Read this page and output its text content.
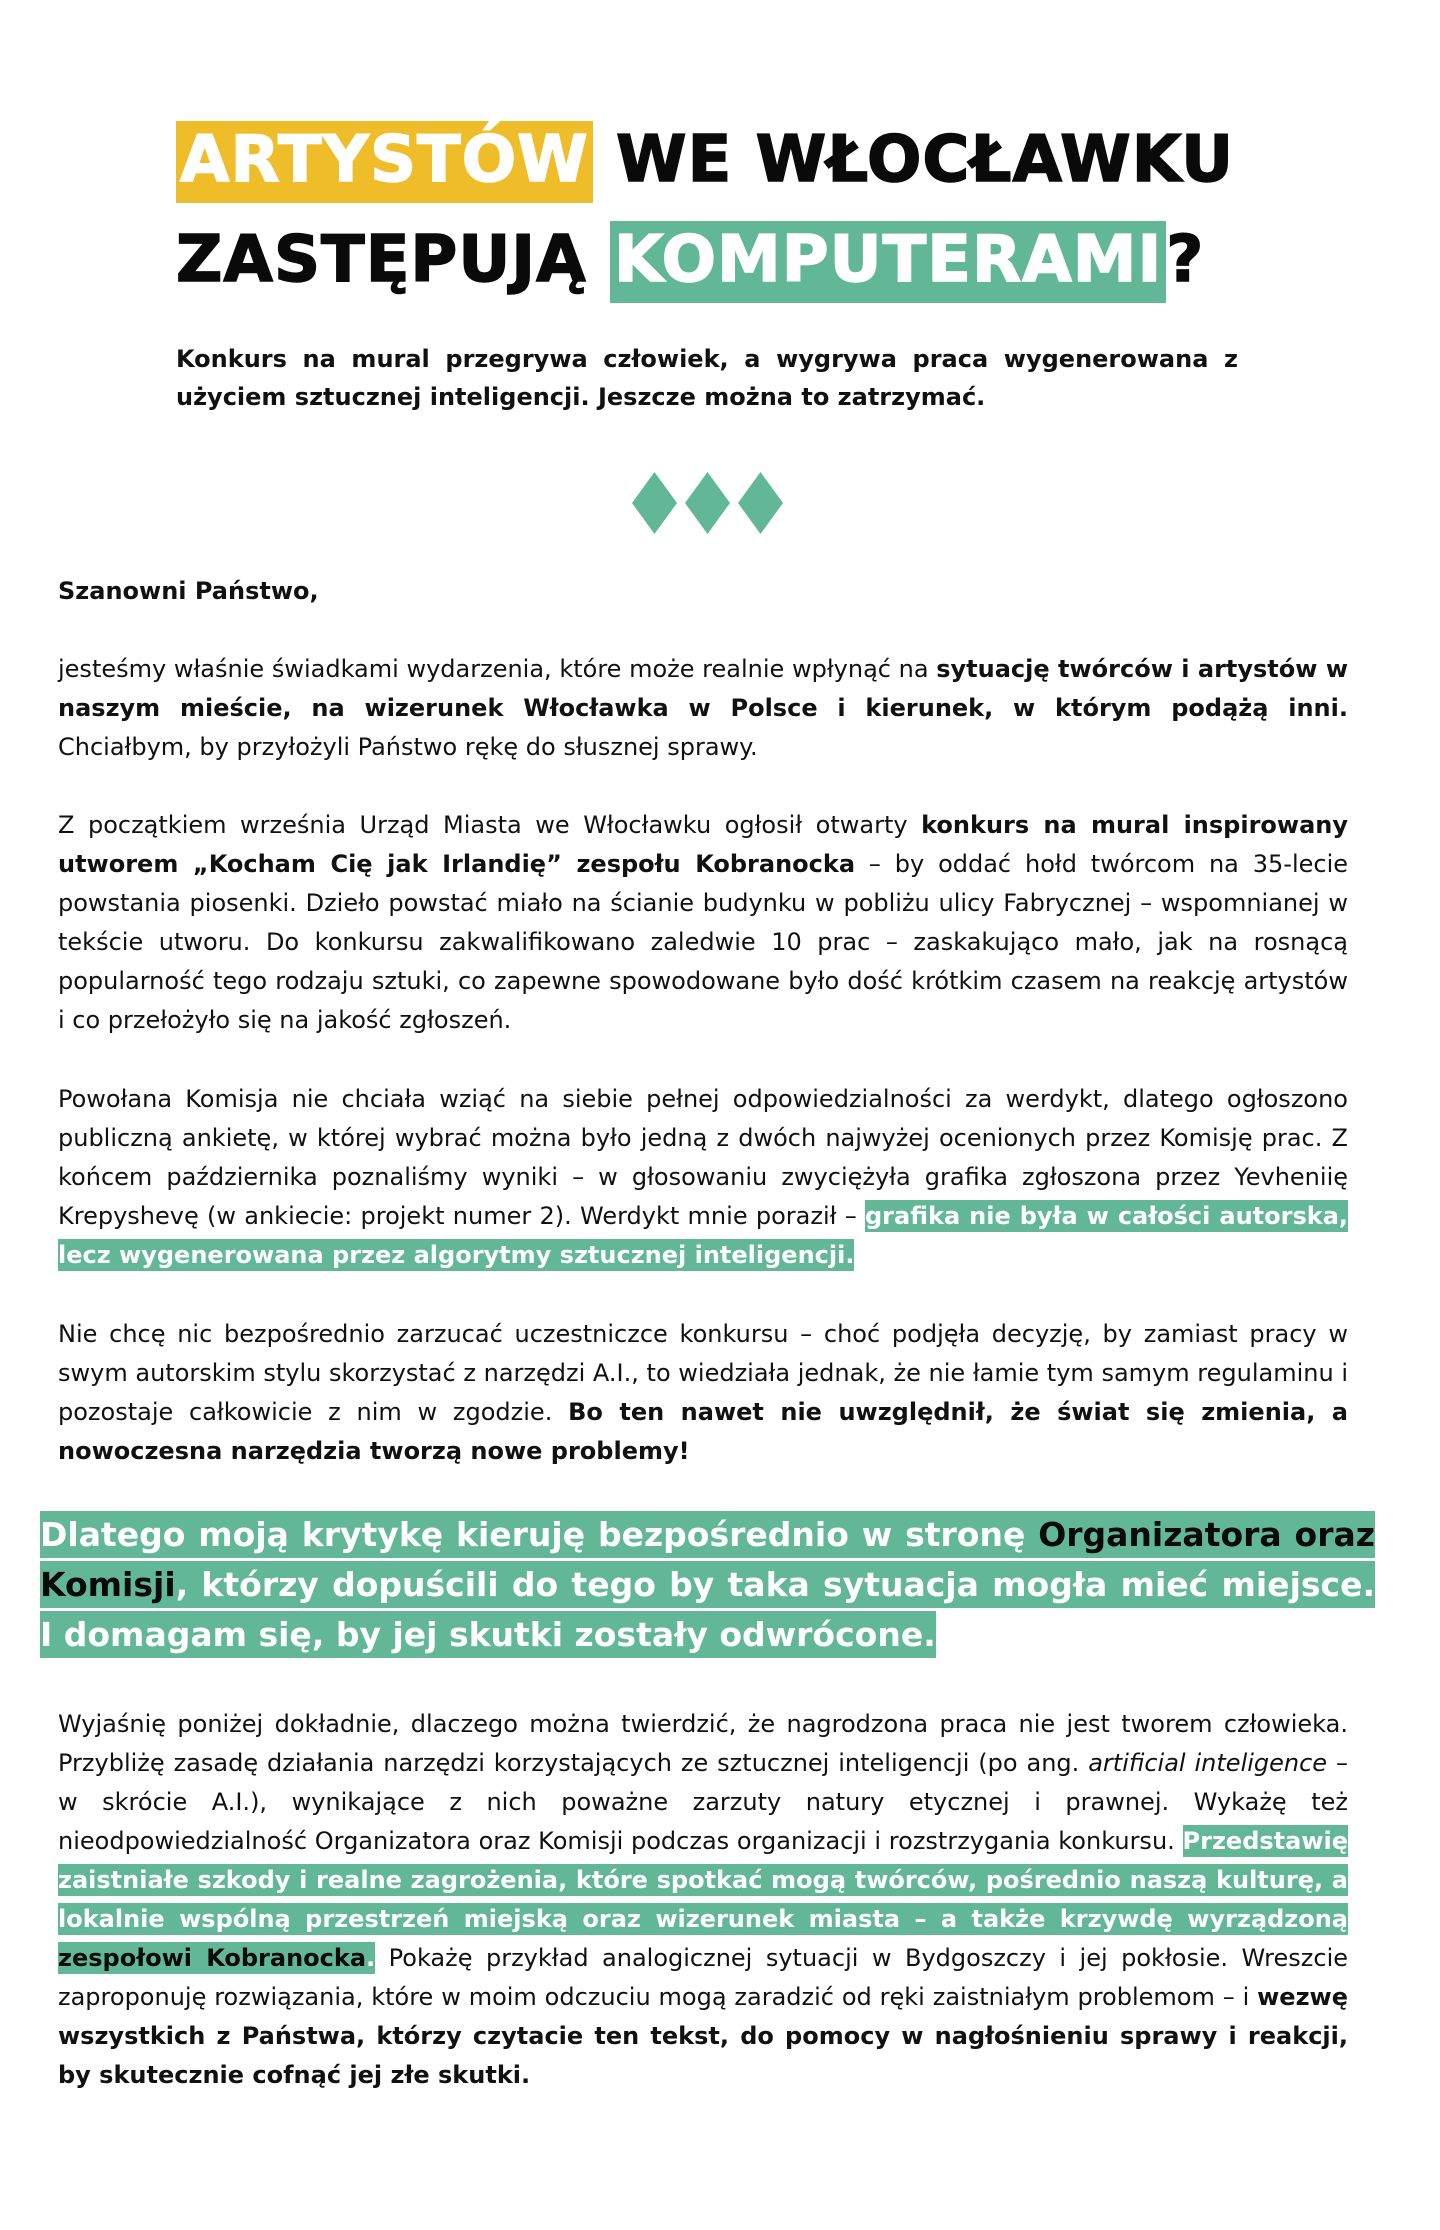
ARTYSTÓW WE WŁOCŁAWKU
ZASTĘPUJĄ KOMPUTERAMI?

Konkurs na mural przegrywa człowiek, a wygrywa praca wygenerowana z użyciem sztucznej inteligencji. Jeszcze można to zatrzymać.

Szanowni Państwo,

jesteśmy właśnie świadkami wydarzenia, które może realnie wpłynąć na sytuację twórców i artystów w naszym mieście, na wizerunek Włocławka w Polsce i kierunek, w którym podążą inni. Chciałbym, by przyłożyli Państwo rękę do słusznej sprawy.

Z początkiem września Urząd Miasta we Włocławku ogłosił otwarty konkurs na mural inspirowany utworem „Kocham Cię jak Irlandię” zespołu Kobranocka – by oddać hołd twórcom na 35-lecie powstania piosenki. Dzieło powstać miało na ścianie budynku w pobliżu ulicy Fabrycznej – wspomnianej w tekście utworu. Do konkursu zakwalifikowano zaledwie 10 prac – zaskakująco mało, jak na rosnącą popularność tego rodzaju sztuki, co zapewne spowodowane było dość krótkim czasem na reakcję artystów i co przełożyło się na jakość zgłoszeń.

Powołana Komisja nie chciała wziąć na siebie pełnej odpowiedzialności za werdykt, dlatego ogłoszono publiczną ankietę, w której wybrać można było jedną z dwóch najwyżej ocenionych przez Komisję prac. Z końcem października poznaliśmy wyniki – w głosowaniu zwyciężyła grafika zgłoszona przez Yevheniię Krepyshevę (w ankiecie: projekt numer 2). Werdykt mnie poraził – grafika nie była w całości autorska, lecz wygenerowana przez algorytmy sztucznej inteligencji.

Nie chcę nic bezpośrednio zarzucać uczestniczce konkursu – choć podjęła decyzję, by zamiast pracy w swym autorskim stylu skorzystać z narzędzi A.I., to wiedziała jednak, że nie łamie tym samym regulaminu i pozostaje całkowicie z nim w zgodzie. Bo ten nawet nie uwzględnił, że świat się zmienia, a nowoczesna narzędzia tworzą nowe problemy!

Dlatego moją krytykę kieruję bezpośrednio w stronę Organizatora oraz Komisji, którzy dopuścili do tego by taka sytuacja mogła mieć miejsce. I domagam się, by jej skutki zostały odwrócone.

Wyjaśnię poniżej dokładnie, dlaczego można twierdzić, że nagrodzona praca nie jest tworem człowieka. Przybliżę zasadę działania narzędzi korzystających ze sztucznej inteligencji (po ang. artificial inteligence – w skrócie A.I.), wynikające z nich poważne zarzuty natury etycznej i prawnej. Wykażę też nieodpowiedzialność Organizatora oraz Komisji podczas organizacji i rozstrzygania konkursu. Przedstawię zaistniałe szkody i realne zagrożenia, które spotkać mogą twórców, pośrednio naszą kulturę, a lokalnie wspólną przestrzeń miejską oraz wizerunek miasta – a także krzywdę wyrządzoną zespołowi Kobranocka. Pokażę przykład analogicznej sytuacji w Bydgoszczy i jej pokłosie. Wreszcie zaproponuję rozwiązania, które w moim odczuciu mogą zaradzić od ręki zaistniałym problemom – i wezwę wszystkich z Państwa, którzy czytacie ten tekst, do pomocy w nagłośnieniu sprawy i reakcji, by skutecznie cofnąć jej złe skutki.
